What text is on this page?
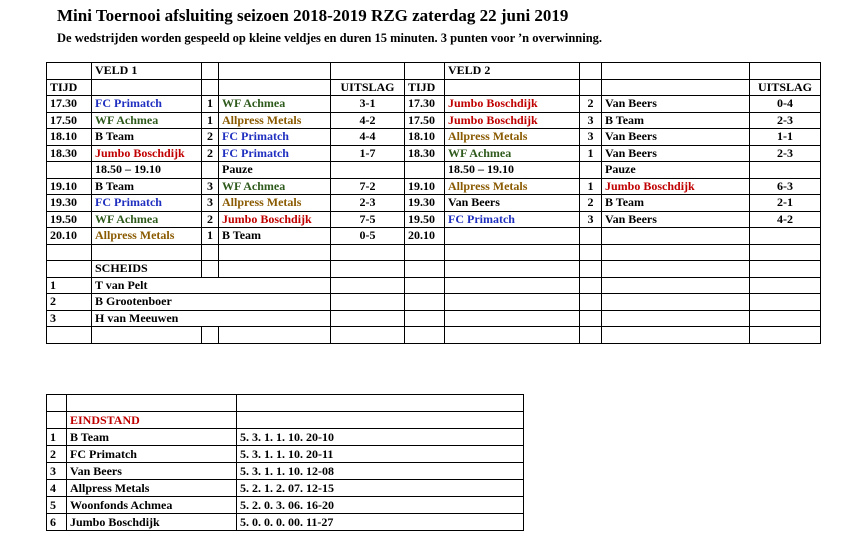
Mini Toernooi afsluiting seizoen 2018-2019 RZG zaterdag 22 juni 2019
De wedstrijden worden gespeeld op kleine veldjes en duren 15 minuten. 3 punten voor ’n overwinning.
	VELD 1					VELD 2			
TIJD				UITSLAG	TIJD				UITSLAG
17.30	FC Primatch	1	WF Achmea	3-1	17.30	Jumbo Boschdijk	2	Van Beers	0-4
17.50	WF Achmea	1	Allpress Metals	4-2	17.50	Jumbo Boschdijk	3	B Team	2-3
18.10	B Team	2	FC Primatch	4-4	18.10	Allpress Metals	3	Van Beers	1-1
18.30	Jumbo Boschdijk	2	FC Primatch	1-7	18.30	WF Achmea	1	Van Beers	2-3
	18.50 – 19.10		Pauze			18.50 – 19.10		Pauze	
19.10	B Team	3	WF Achmea	7-2	19.10	Allpress Metals	1	Jumbo Boschdijk	6-3
19.30	FC Primatch	3	Allpress Metals	2-3	19.30	Van Beers	2	B Team	2-1
19.50	WF Achmea	2	Jumbo Boschdijk	7-5	19.50	FC Primatch	3	Van Beers	4-2
20.10	Allpress Metals	1	B Team	0-5	20.10				

	SCHEIDS								
1	T van Pelt								
2	B Grootenboer								
3	H van Meeuwen								

	EINDSTAND	
1	B Team	5. 3. 1. 1. 10. 20-10
2	FC Primatch	5. 3. 1. 1. 10. 20-11
3	Van Beers	5. 3. 1. 1. 10. 12-08
4	Allpress Metals	5. 2. 1. 2. 07. 12-15
5	Woonfonds Achmea	5. 2. 0. 3. 06. 16-20
6	Jumbo Boschdijk	5. 0. 0. 0. 00. 11-27
